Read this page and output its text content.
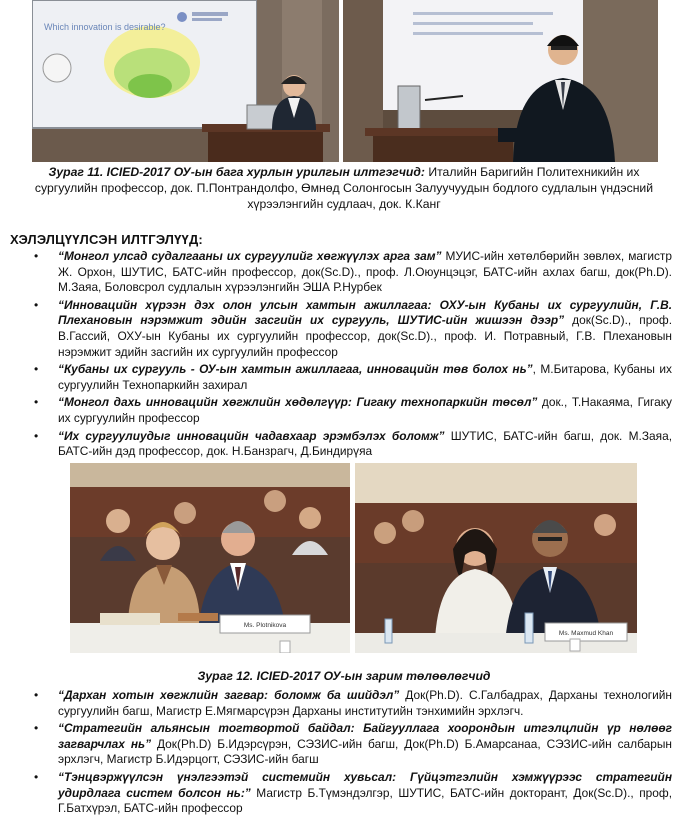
Which innovation is desirable?
Зураг 11. ICIED-2017 ОУ-ын бага хурлын урилгын илтгэгчид: Италийн Баригийн Политехникийн их сургуулийн профессор, док. П.Понтрандолфо, Өмнөд Солонгосын Залуучуудын бодлого судлалын үндэсний хүрээлэнгийн судлаач, док. К.Канг
ХЭЛЭЛЦҮҮЛСЭН ИЛТГЭЛҮҮД:
• “Монгол улсад судалгааны их сургуулийг хөгжүүлэх арга зам” МУИС-ийн хөтөлбөрийн зөвлөх, магистр Ж. Орхон, ШУТИС, БАТС-ийн профессор, док(Sc.D)., проф. Л.Оюунцэцэг, БАТС-ийн ахлах багш, док(Ph.D). М.Заяа, Боловсрол судлалын хүрээлэнгийн ЭША Р.Нурбек
• “Инновацийн хүрээн дэх олон улсын хамтын ажиллагаа: ОХУ-ын Кубаны их сургуулийн, Г.В. Плехановын нэрэмжит эдийн засгийн их сургууль, ШУТИС-ийн жишээн дээр” док(Sc.D)., проф. В.Гассий, ОХУ-ын Кубаны их сургуулийн профессор, док(Sc.D)., проф. И. Потравный, Г.В. Плехановын нэрэмжит эдийн засгийн их сургуулийн профессор
• “Кубаны их сургууль - ОУ-ын хамтын ажиллагаа, инновацийн төв болох нь”, М.Битарова, Кубаны их сургуулийн Технопаркийн захирал
• “Монгол дахь инновацийн хөгжлийн хөдөлгүүр: Гигаку технопаркийн төсөл” док., Т.Накаяма, Гигаку их сургуулийн профессор
• “Их сургуулиудыг инновацийн чадавхаар эрэмбэлэх боломж” ШУТИС, БАТС-ийн багш, док. М.Заяа, БАТС-ийн дэд профессор, док. Н.Банзрагч, Д.Биндирүяа
Ms. Plotnikova
Ms. Maxmud Khan
Зураг 12. ICIED-2017 ОУ-ын зарим төлөөлөгчид
• “Дархан хотын хөгжлийн загвар: боломж ба шийдэл” Док(Ph.D). С.Галбадрах, Дарханы технологийн сургуулийн багш, Магистр Е.Мягмарсүрэн Дарханы институтийн тэнхимийн эрхлэгч.
• “Стратегийн альянсын тогтвортой байдал: Байгууллага хоорондын итгэлцлийн үр нөлөөг загварчлах нь” Док(Ph.D) Б.Идэрсүрэн, СЭЗИС-ийн багш, Док(Ph.D) Б.Амарсанаа, СЭЗИС-ийн салбарын эрхлэгч, Магистр Б.Идэрцогт, СЭЗИС-ийн багш
• “Тэнцвэржүүлсэн үнэлгээтэй системийн хувьсал: Гүйцэтгэлийн хэмжүүрээс стратегийн удирдлага систем болсон нь:” Магистр Б.Түмэндэлгэр, ШУТИС, БАТС-ийн докторант, Док(Sc.D)., проф, Г.Батхүрэл, БАТС-ийн профессор
